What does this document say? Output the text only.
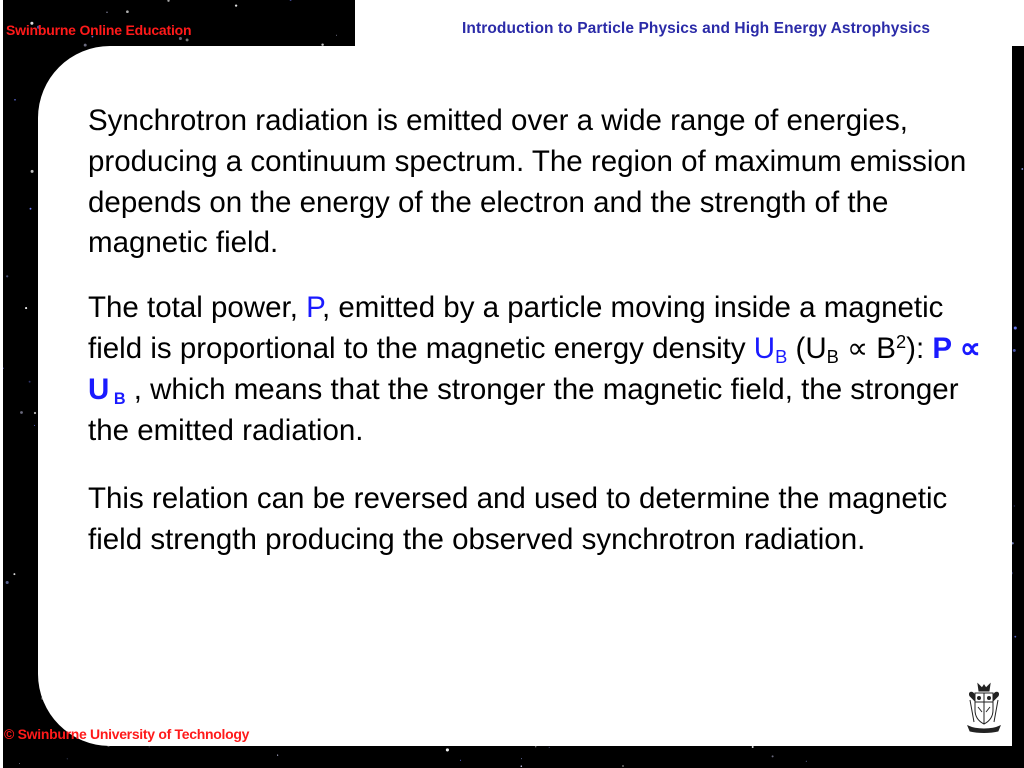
Swinburne Online Education	Introduction to Particle Physics and High Energy Astrophysics

Synchrotron radiation is emitted over a wide range of energies, producing a continuum spectrum. The region of maximum emission depends on the energy of the electron and the strength of the magnetic field.

The total power, P, emitted by a particle moving inside a magnetic field is proportional to the magnetic energy density $U_B$ $(U_B \propto B^2)$: P ∝ U B , which means that the stronger the magnetic field, the stronger the emitted radiation.

This relation can be reversed and used to determine the magnetic field strength producing the observed synchrotron radiation.

© Swinburne University of Technology
